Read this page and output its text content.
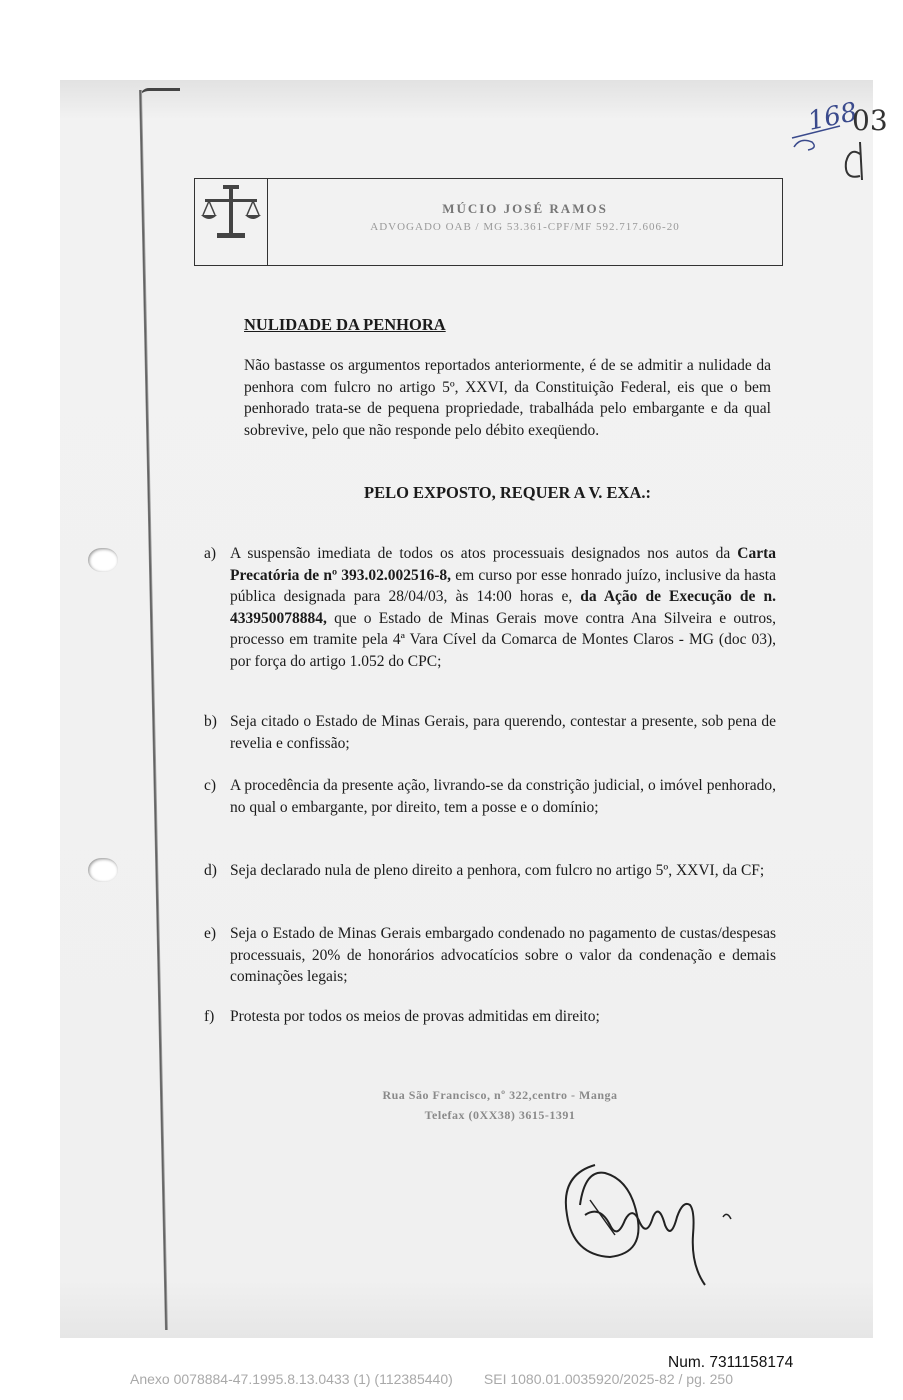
MÚCIO JOSÉ RAMOS
ADVOGADO OAB / MG 53.361-CPF/MF 592.717.606-20
168
03
NULIDADE DA PENHORA
Não bastasse os argumentos reportados anteriormente, é de se admitir a nulidade da penhora com fulcro no artigo 5º, XXVI, da Constituição Federal, eis que o bem penhorado trata-se de pequena propriedade, trabalháda pelo embargante e da qual sobrevive, pelo que não responde pelo débito exeqüendo.
PELO EXPOSTO, REQUER A V. EXA.:
a) A suspensão imediata de todos os atos processuais designados nos autos da Carta Precatória de nº 393.02.002516-8, em curso por esse honrado juízo, inclusive da hasta pública designada para 28/04/03, às 14:00 horas e, da Ação de Execução de n. 433950078884, que o Estado de Minas Gerais move contra Ana Silveira e outros, processo em tramite pela 4ª Vara Cível da Comarca de Montes Claros - MG (doc 03), por força do artigo 1.052 do CPC;
b) Seja citado o Estado de Minas Gerais, para querendo, contestar a presente, sob pena de revelia e confissão;
c) A procedência da presente ação, livrando-se da constrição judicial, o imóvel penhorado, no qual o embargante, por direito, tem a posse e o domínio;
d) Seja declarado nula de pleno direito a penhora, com fulcro no artigo 5º, XXVI, da CF;
e) Seja o Estado de Minas Gerais embargado condenado no pagamento de custas/despesas processuais, 20% de honorários advocatícios sobre o valor da condenação e demais cominações legais;
f) Protesta por todos os meios de provas admitidas em direito;
Rua São Francisco, nº 322,centro - Manga
Telefax (0XX38) 3615-1391
Num. 7311158174
Anexo 0078884-47.1995.8.13.0433 (1) (112385440)        SEI 1080.01.0035920/2025-82 / pg. 250
